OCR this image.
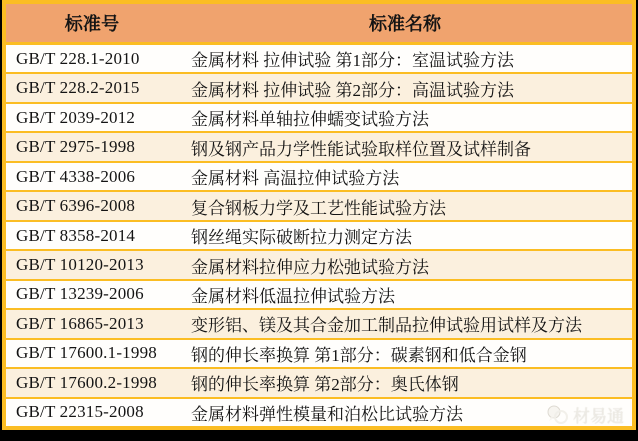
标准号	标准名称
GB/T 228.1-2010	金属材料 拉伸试验 第1部分：室温试验方法
GB/T 228.2-2015	金属材料 拉伸试验 第2部分：高温试验方法
GB/T 2039-2012	金属材料单轴拉伸蠕变试验方法
GB/T 2975-1998	钢及钢产品力学性能试验取样位置及试样制备
GB/T 4338-2006	金属材料 高温拉伸试验方法
GB/T 6396-2008	复合钢板力学及工艺性能试验方法
GB/T 8358-2014	钢丝绳实际破断拉力测定方法
GB/T 10120-2013	金属材料拉伸应力松弛试验方法
GB/T 13239-2006	金属材料低温拉伸试验方法
GB/T 16865-2013	变形铝、镁及其合金加工制品拉伸试验用试样及方法
GB/T 17600.1-1998	钢的伸长率换算 第1部分：碳素钢和低合金钢
GB/T 17600.2-1998	钢的伸长率换算 第2部分：奥氏体钢
GB/T 22315-2008	金属材料弹性模量和泊松比试验方法	材易通
